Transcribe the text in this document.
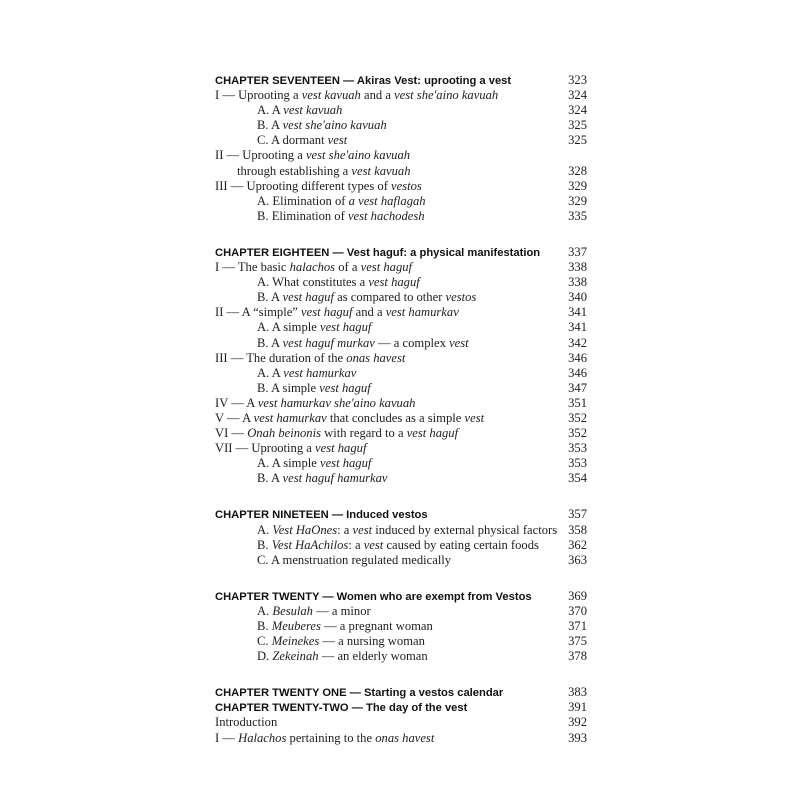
CHAPTER SEVENTEEN — Akiras Vest: uprooting a vest	323
I — Uprooting a vest kavuah and a vest she'aino kavuah	324
A. A vest kavuah	324
B. A vest she'aino kavuah	325
C. A dormant vest	325
II — Uprooting a vest she'aino kavuah
through establishing a vest kavuah	328
III — Uprooting different types of vestos	329
A. Elimination of a vest haflagah	329
B. Elimination of vest hachodesh	335
CHAPTER EIGHTEEN — Vest haguf: a physical manifestation	337
I — The basic halachos of a vest haguf	338
A. What constitutes a vest haguf	338
B. A vest haguf as compared to other vestos	340
II — A “simple” vest haguf and a vest hamurkav	341
A. A simple vest haguf	341
B. A vest haguf murkav — a complex vest	342
III — The duration of the onas havest	346
A. A vest hamurkav	346
B. A simple vest haguf	347
IV — A vest hamurkav she'aino kavuah	351
V — A vest hamurkav that concludes as a simple vest	352
VI — Onah beinonis with regard to a vest haguf	352
VII — Uprooting a vest haguf	353
A. A simple vest haguf	353
B. A vest haguf hamurkav	354
CHAPTER NINETEEN — Induced vestos	357
A. Vest HaOnes: a vest induced by external physical factors 358
B. Vest HaAchilos: a vest caused by eating certain foods	362
C. A menstruation regulated medically	363
CHAPTER TWENTY — Women who are exempt from Vestos	369
A. Besulah — a minor	370
B. Meuberes — a pregnant woman	371
C. Meinekes — a nursing woman	375
D. Zekeinah — an elderly woman	378
CHAPTER TWENTY ONE — Starting a vestos calendar	383
CHAPTER TWENTY-TWO — The day of the vest	391
Introduction	392
I — Halachos pertaining to the onas havest	393
